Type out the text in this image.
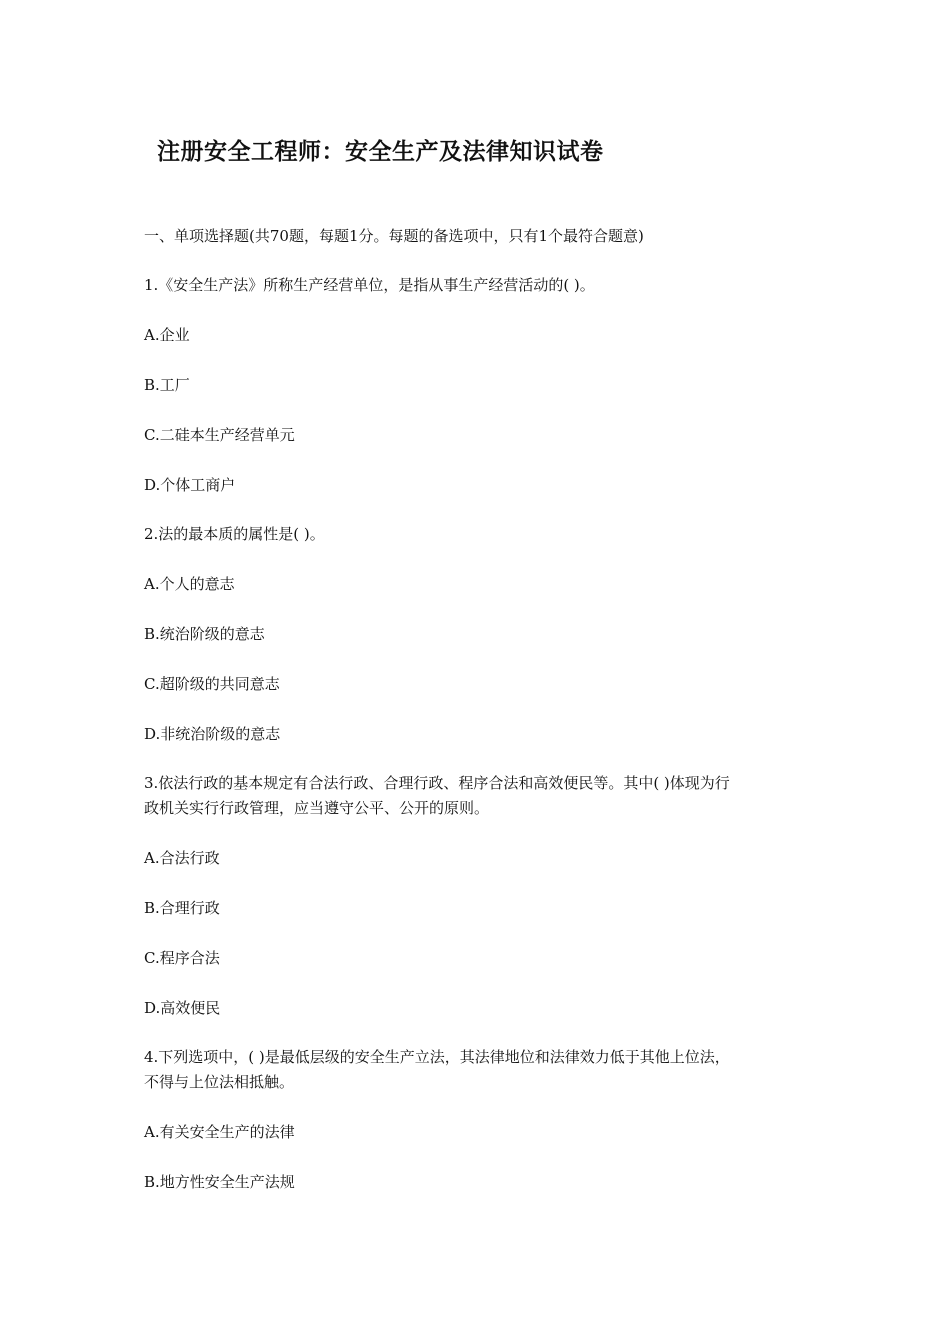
注册安全工程师：安全生产及法律知识试卷
一、单项选择题(共70题，每题1分。每题的备选项中，只有1个最符合题意)
1.《安全生产法》所称生产经营单位，是指从事生产经营活动的( )。
A.企业
B.工厂
C.二硅本生产经营单元
D.个体工商户
2.法的最本质的属性是( )。
A.个人的意志
B.统治阶级的意志
C.超阶级的共同意志
D.非统治阶级的意志
3.依法行政的基本规定有合法行政、合理行政、程序合法和高效便民等。其中( )体现为行
政机关实行行政管理，应当遵守公平、公开的原则。
A.合法行政
B.合理行政
C.程序合法
D.高效便民
4.下列选项中，( )是最低层级的安全生产立法，其法律地位和法律效力低于其他上位法，
不得与上位法相抵触。
A.有关安全生产的法律
B.地方性安全生产法规
